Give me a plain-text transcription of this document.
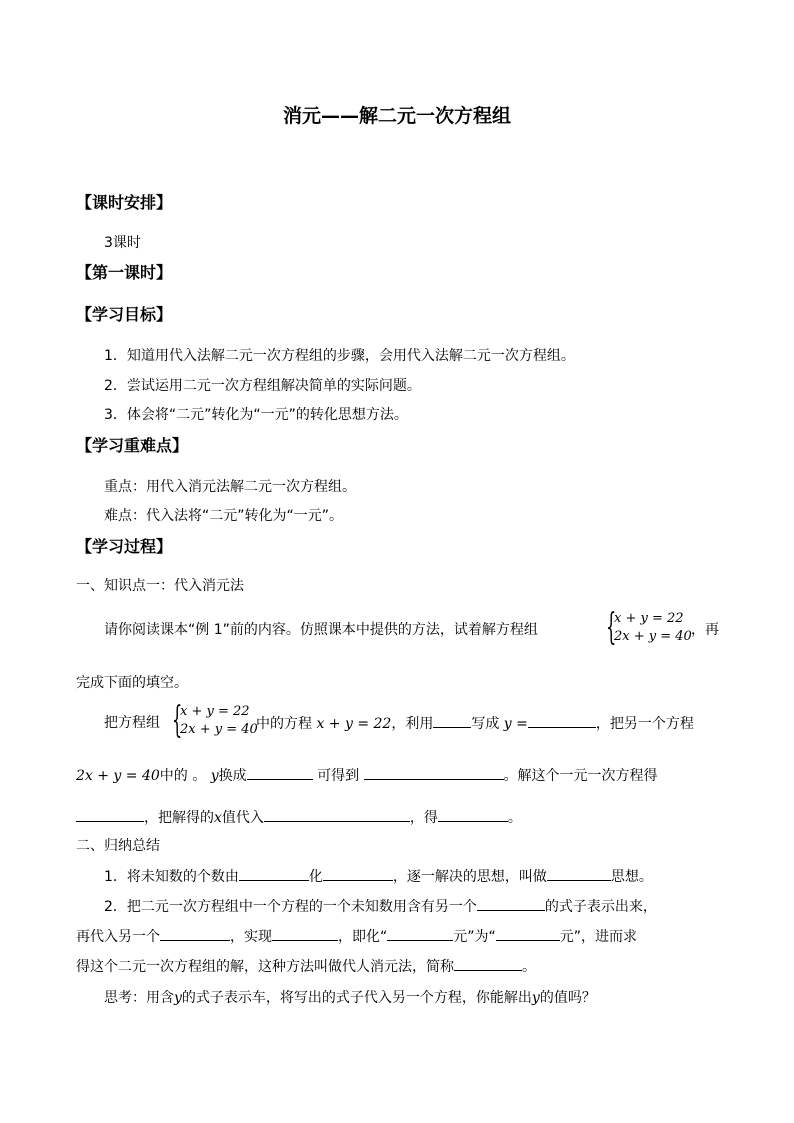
消元——解二元一次方程组
【课时安排】
3课时
【第一课时】
【学习目标】
1．知道用代入法解二元一次方程组的步骤，会用代入法解二元一次方程组。
2．尝试运用二元一次方程组解决简单的实际问题。
3．体会将“二元”转化为“一元”的转化思想方法。
【学习重难点】
重点：用代入消元法解二元一次方程组。
难点：代入法将“二元”转化为“一元”。
【学习过程】
一、知识点一：代入消元法
请你阅读课本“例 1”前的内容。仿照课本中提供的方法，试着解方程组 {
x + y = 22
2x + y = 40 ，再
完成下面的填空。
把方程组 {
x + y = 22
2x + y = 40
中的方程 x + y = 22，利用	写成 y =	，把另一个方程
2x + y = 40中的 。 y换成	可得到	。解这个一元一次方程得
，把解得的x值代入	，得	。
二、归纳总结
1．将未知数的个数由	化	，逐一解决的思想，叫做	思想。
2．把二元一次方程组中一个方程的一个未知数用含有另一个	的式子表示出来，
再代入另一个	，实现	，即化“	元”为“	元”，进而求
得这个二元一次方程组的解，这种方法叫做代人消元法，简称	。
思考：用含y的式子表示车，将写出的式子代入另一个方程，你能解出y的值吗？
